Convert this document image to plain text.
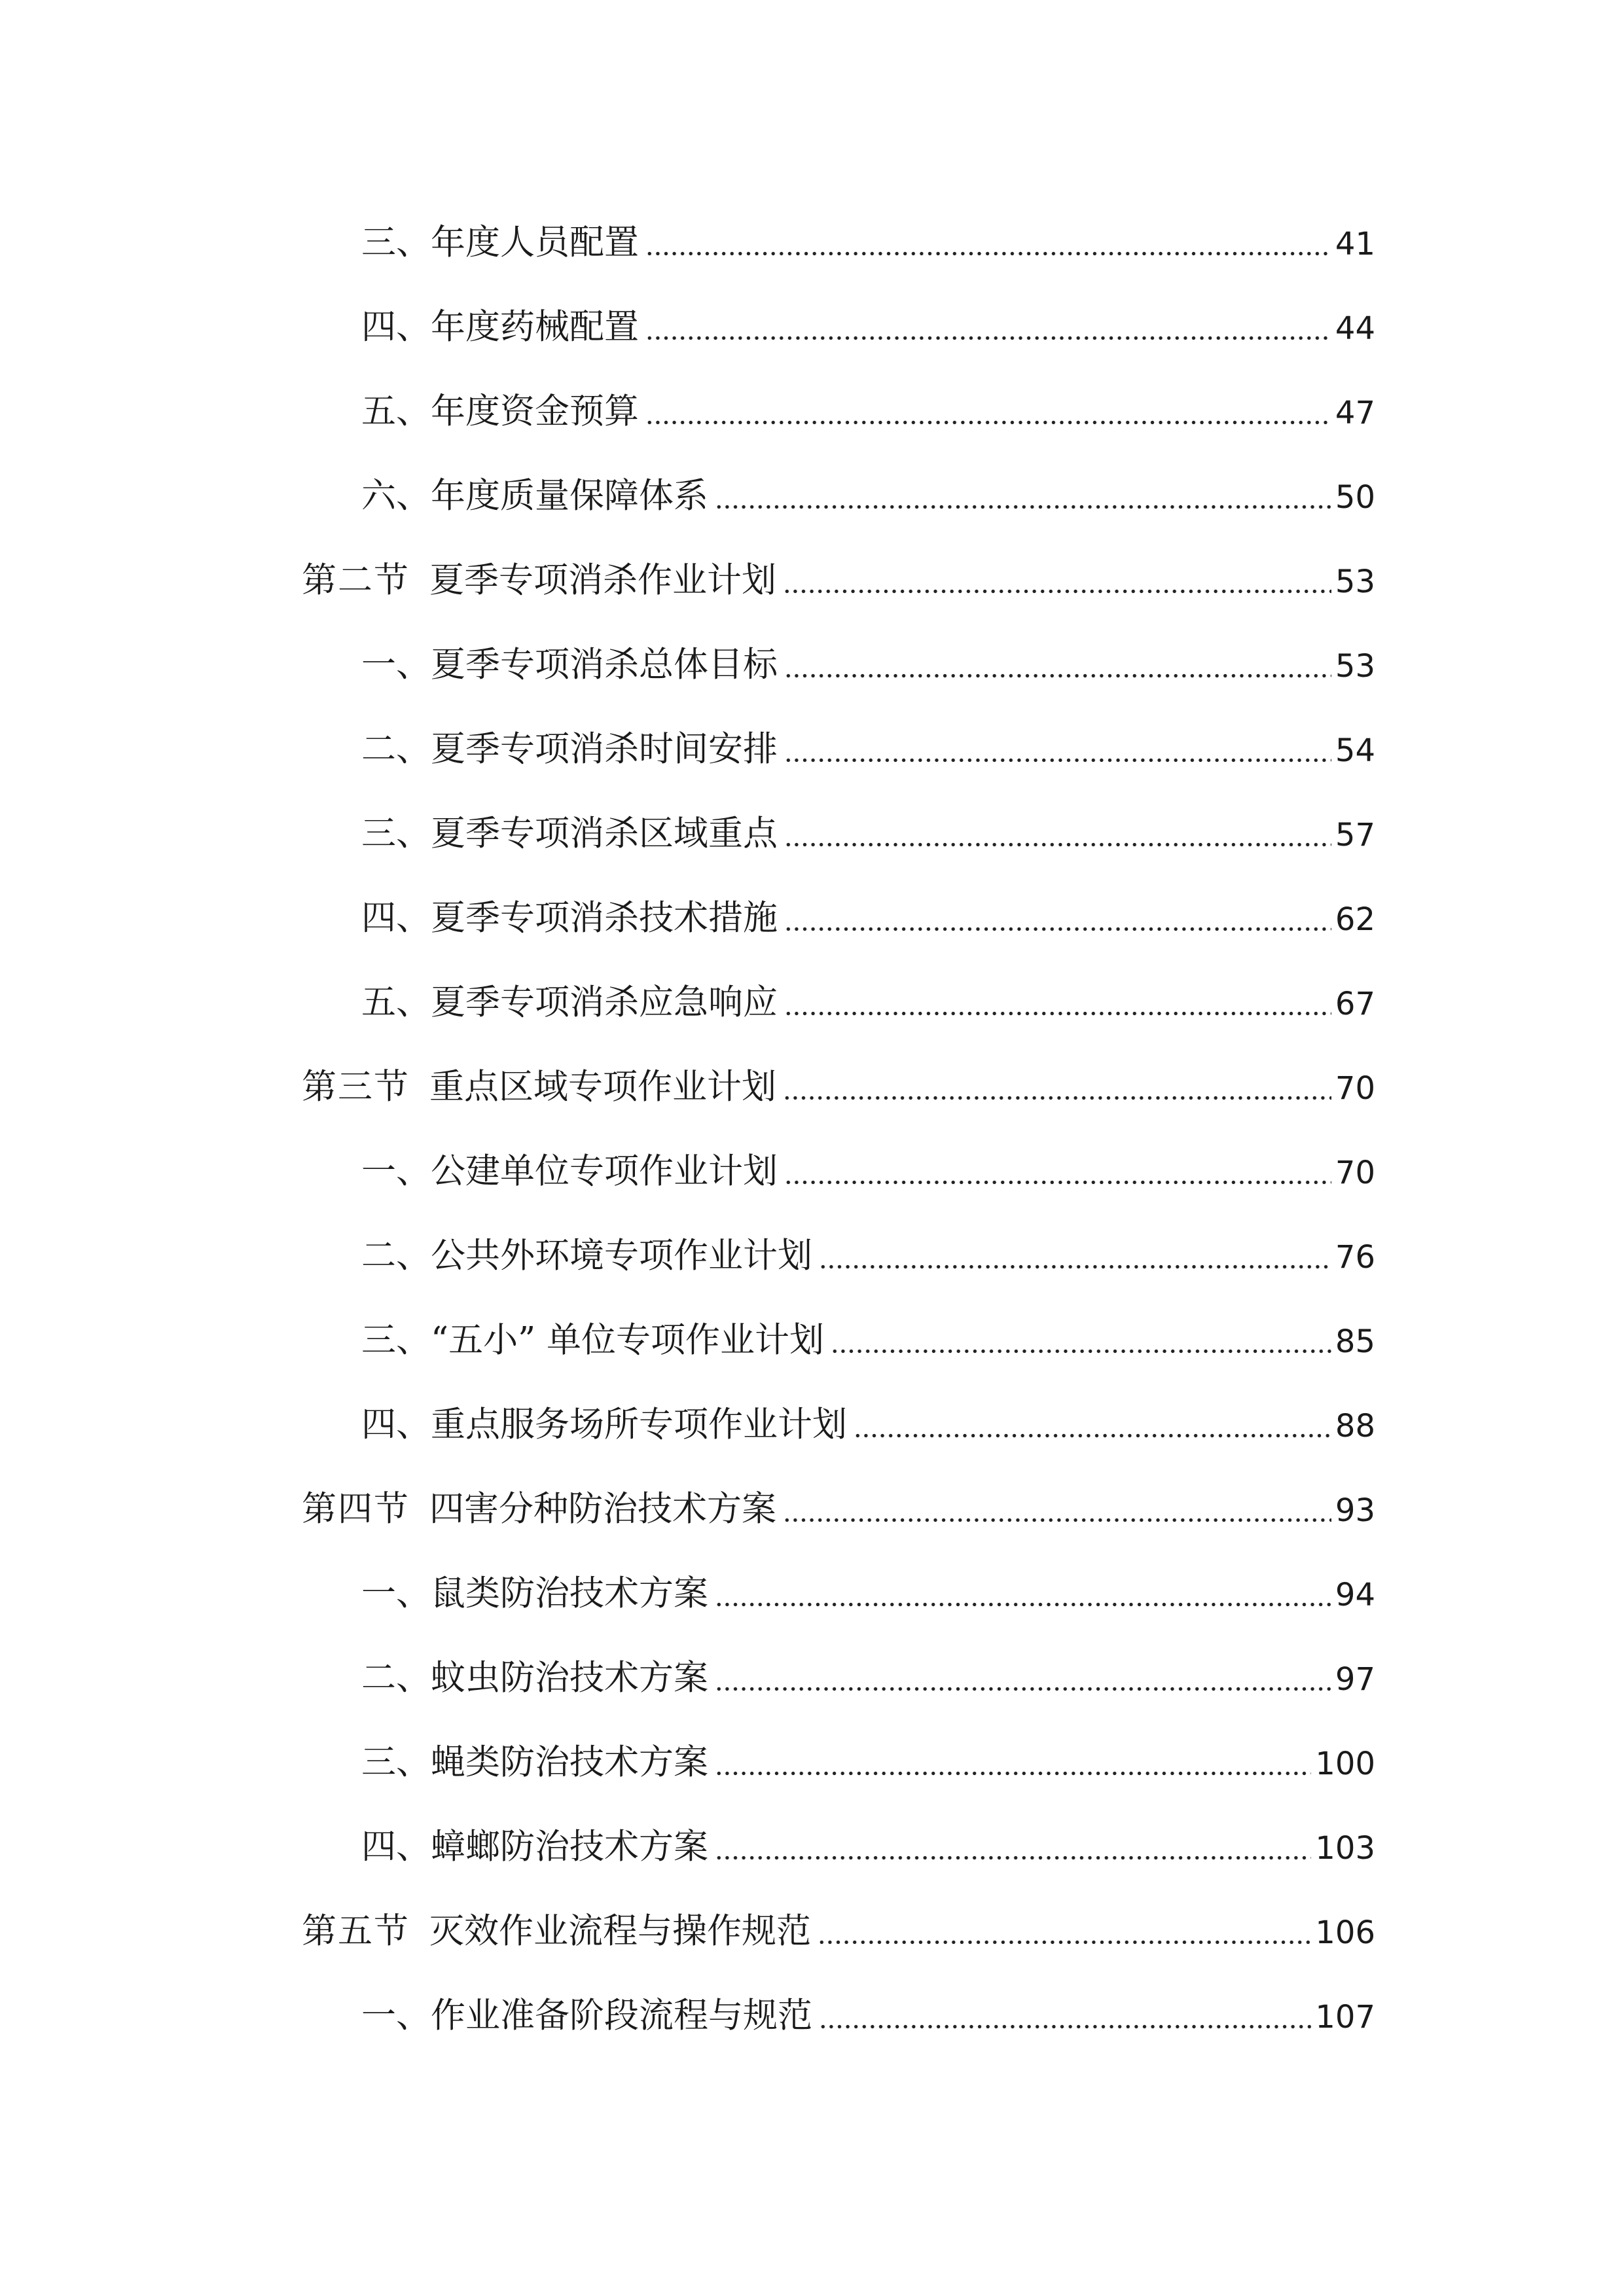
三、年度人员配置	41
四、年度药械配置	44
五、年度资金预算	47
六、年度质量保障体系	50
第二节 夏季专项消杀作业计划	53
一、夏季专项消杀总体目标	53
二、夏季专项消杀时间安排	54
三、夏季专项消杀区域重点	57
四、夏季专项消杀技术措施	62
五、夏季专项消杀应急响应	67
第三节 重点区域专项作业计划	70
一、公建单位专项作业计划	70
二、公共外环境专项作业计划	76
三、“五小” 单位专项作业计划	85
四、重点服务场所专项作业计划	88
第四节 四害分种防治技术方案	93
一、鼠类防治技术方案	94
二、蚊虫防治技术方案	97
三、蝇类防治技术方案	100
四、蟑螂防治技术方案	103
第五节 灭效作业流程与操作规范	106
一、作业准备阶段流程与规范	107
